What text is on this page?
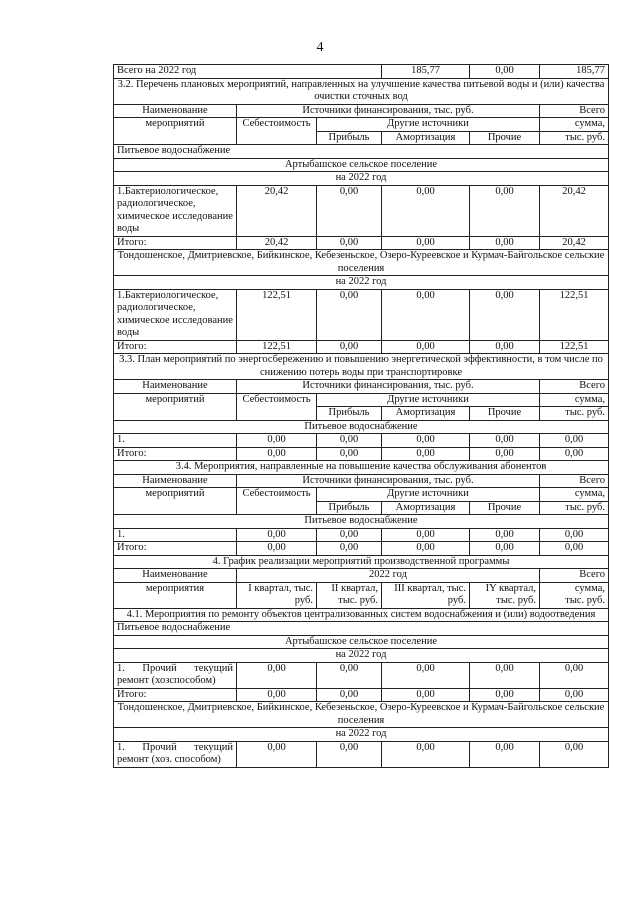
4
Всего на 2022 год			185,77	0,00	185,77
3.2. Перечень плановых мероприятий, направленных на улучшение качества питьевой воды и (или) качества очистки сточных вод					
Наименование	Источники финансирования, тыс. руб.				Всего
мероприятий	Себестоимость	Другие источники			сумма,
		Прибыль	Амортизация	Прочие	тыс. руб.
Питьевое водоснабжение					
Артыбашское сельское поселение					
на 2022 год					
1.Бактериологическое, радиологическое, химическое исследование воды	20,42	0,00	0,00	0,00	20,42
Итого:	20,42	0,00	0,00	0,00	20,42
Тондошенское, Дмитриевское, Бийкинское, Кебезеньское, Озеро-Куреевское и Курмач-Байгольское сельские поселения					
на 2022 год					
1.Бактериологическое, радиологическое, химическое исследование воды	122,51	0,00	0,00	0,00	122,51
Итого:	122,51	0,00	0,00	0,00	122,51
3.3. План мероприятий по энергосбережению и повышению энергетической эффективности, в том числе по снижению потерь воды при транспортировке					
Наименование	Источники финансирования, тыс. руб.				Всего
мероприятий	Себестоимость	Другие источники			сумма,
		Прибыль	Амортизация	Прочие	тыс. руб.
Питьевое водоснабжение					
1.	0,00	0,00	0,00	0,00	0,00
Итого:	0,00	0,00	0,00	0,00	0,00
3.4. Мероприятия, направленные на повышение качества обслуживания абонентов					
Наименование	Источники финансирования, тыс. руб.				Всего
мероприятий	Себестоимость	Другие источники			сумма,
		Прибыль	Амортизация	Прочие	тыс. руб.
Питьевое водоснабжение					
1.	0,00	0,00	0,00	0,00	0,00
Итого:	0,00	0,00	0,00	0,00	0,00
4. График реализации мероприятий производственной программы					
Наименование	2022 год				Всего
мероприятия	I квартал, тыс. руб.	II квартал, тыс. руб.	III квартал, тыс. руб.	IY квартал, тыс. руб.	сумма,
тыс. руб.
4.1. Мероприятия по ремонту объектов централизованных систем водоснабжения и (или) водоотведения					
Питьевое водоснабжение					
Артыбашское сельское поселение					
на 2022 год					
1. Прочий текущий ремонт (хозспособом)	0,00	0,00	0,00	0,00	0,00
Итого:	0,00	0,00	0,00	0,00	0,00
Тондошенское, Дмитриевское, Бийкинское, Кебезеньское, Озеро-Куреевское и Курмач-Байгольское сельские поселения					
на 2022 год					
1. Прочий текущий ремонт (хоз. способом)	0,00	0,00	0,00	0,00	0,00
